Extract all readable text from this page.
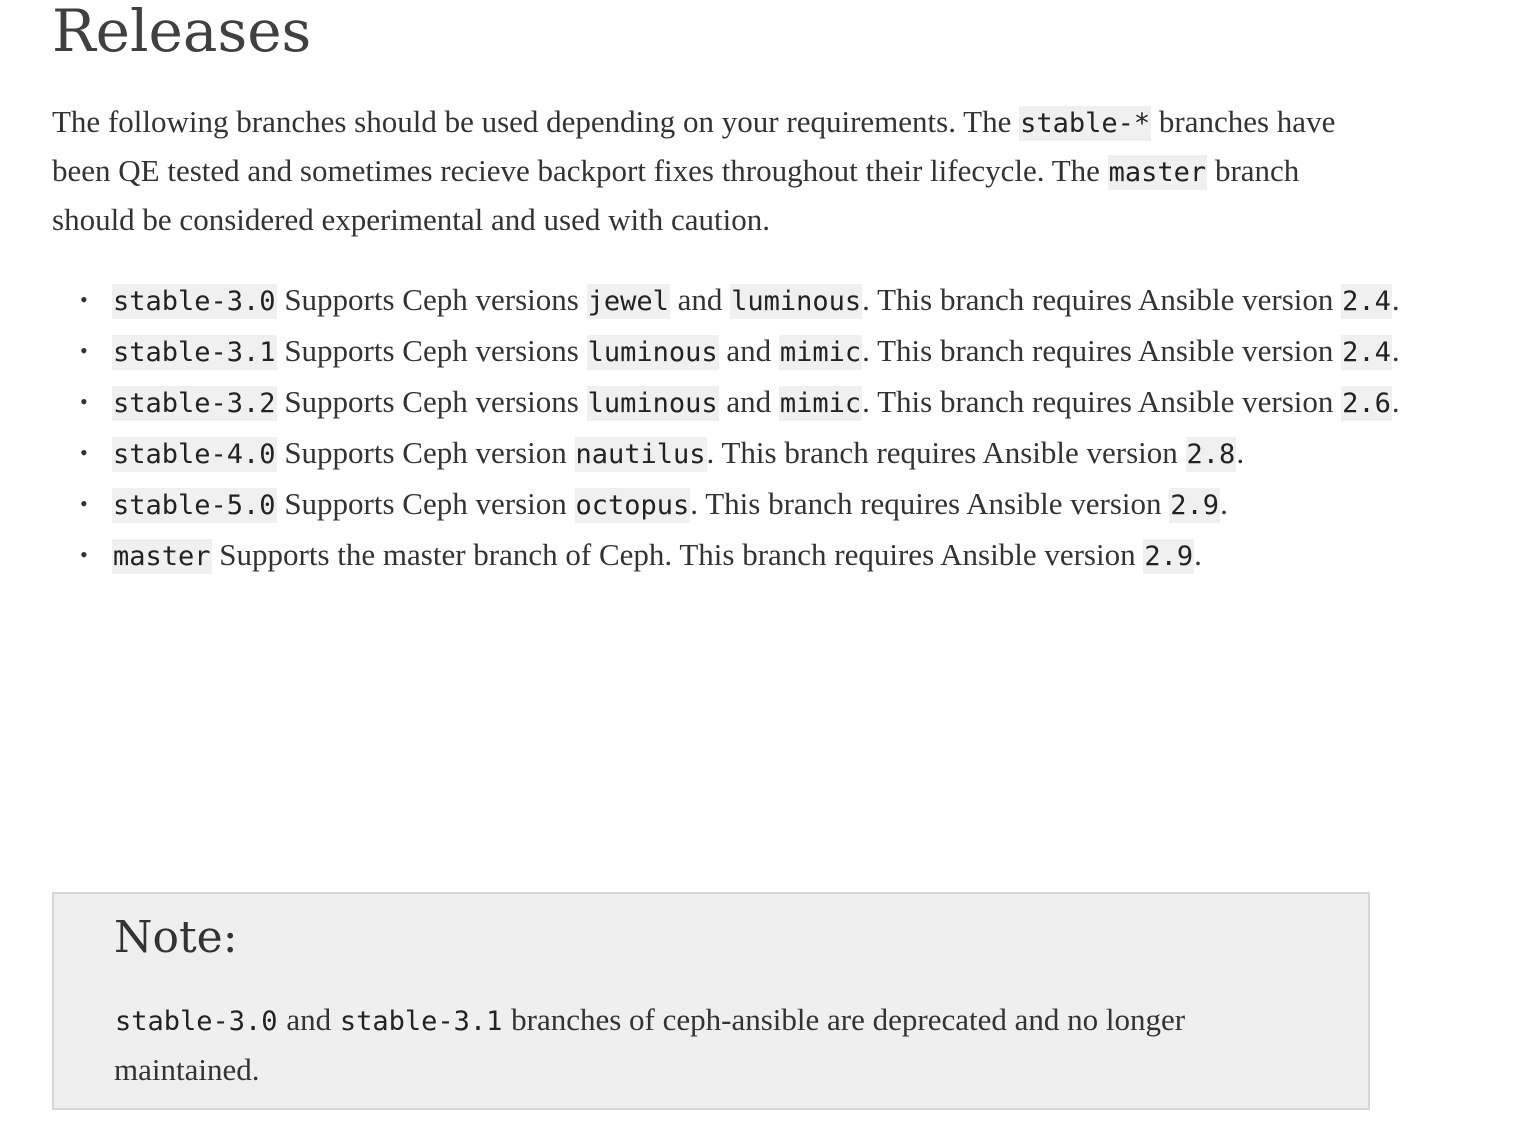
Releases

The following branches should be used depending on your requirements. The stable-* branches have been QE tested and sometimes recieve backport fixes throughout their lifecycle. The master branch should be considered experimental and used with caution.

• stable-3.0 Supports Ceph versions jewel and luminous. This branch requires Ansible version 2.4.
• stable-3.1 Supports Ceph versions luminous and mimic. This branch requires Ansible version 2.4.
• stable-3.2 Supports Ceph versions luminous and mimic. This branch requires Ansible version 2.6.
• stable-4.0 Supports Ceph version nautilus. This branch requires Ansible version 2.8.
• stable-5.0 Supports Ceph version octopus. This branch requires Ansible version 2.9.
• master Supports the master branch of Ceph. This branch requires Ansible version 2.9.
Note:

stable-3.0 and stable-3.1 branches of ceph-ansible are deprecated and no longer maintained.
